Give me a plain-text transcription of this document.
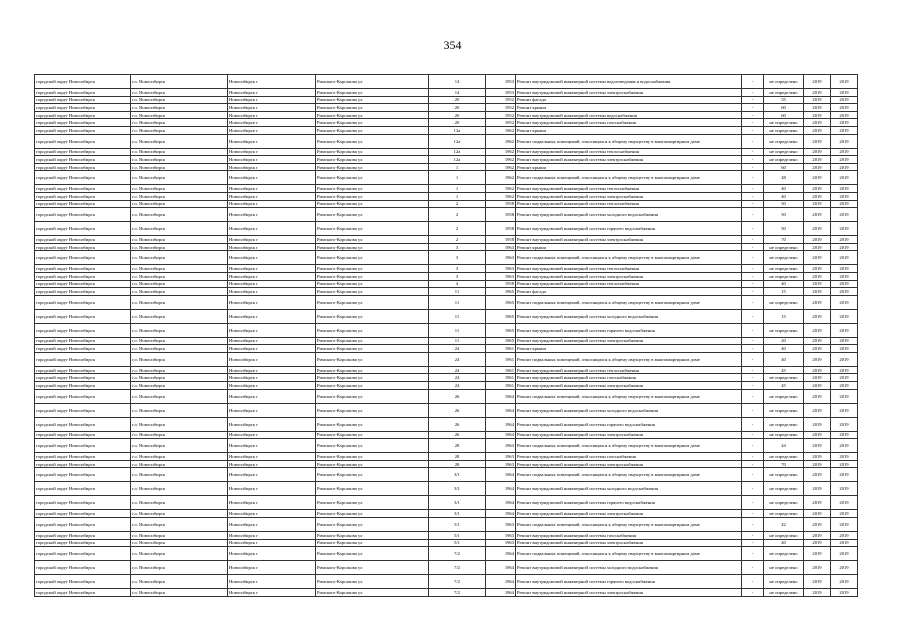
354
городской округ Новосибирск	г.о. Новосибирск	Новосибирск г	Римского-Корсакова ул	14	1953	Ремонт внутридомовой инженерной системы водоотведения и водоснабжения	-	не определено	2019	2019
городской округ Новосибирск	г.о. Новосибирск	Новосибирск г	Римского-Корсакова ул	14	1953	Ремонт внутридомовой инженерной системы электроснабжения	-	не определено	2019	2019
городской округ Новосибирск	г.о. Новосибирск	Новосибирск г	Римского-Корсакова ул	20	1952	Ремонт фасада	-	55	2019	2019
городской округ Новосибирск	г.о. Новосибирск	Новосибирск г	Римского-Корсакова ул	20	1952	Ремонт крыши	-	60	2019	2019
городской округ Новосибирск	г.о. Новосибирск	Новосибирск г	Римского-Корсакова ул	20	1952	Ремонт внутридомовой инженерной системы водоснабжения	-	60	2019	2019
городской округ Новосибирск	г.о. Новосибирск	Новосибирск г	Римского-Корсакова ул	20	1952	Ремонт внутридомовой инженерной системы газоснабжения	-	не определено	2019	2019
городской округ Новосибирск	г.о. Новосибирск	Новосибирск г	Римского-Корсакова ул	12а	1962	Ремонт крыши	-	не определено	2019	2019
городской округ Новосибирск	г.о. Новосибирск	Новосибирск г	Римского-Корсакова ул	12а	1962	Ремонт подвальных помещений, относящихся к общему имуществу в многоквартирном доме	-	не определено	2019	2019
городской округ Новосибирск	г.о. Новосибирск	Новосибирск г	Римского-Корсакова ул	12а	1962	Ремонт внутридомовой инженерной системы теплоснабжения	-	не определено	2019	2019
городской округ Новосибирск	г.о. Новосибирск	Новосибирск г	Римского-Корсакова ул	12а	1962	Ремонт внутридомовой инженерной системы электроснабжения	-	не определено	2019	2019
городской округ Новосибирск	г.о. Новосибирск	Новосибирск г	Римского-Корсакова ул	1	1962	Ремонт крыши	-	60	2019	2019
городской округ Новосибирск	г.о. Новосибирск	Новосибирск г	Римского-Корсакова ул	1	1962	Ремонт подвальных помещений, относящихся к общему имуществу в многоквартирном доме	-	48	2019	2019
городской округ Новосибирск	г.о. Новосибирск	Новосибирск г	Римского-Корсакова ул	1	1962	Ремонт внутридомовой инженерной системы теплоснабжения	-	40	2019	2019
городской округ Новосибирск	г.о. Новосибирск	Новосибирск г	Римского-Корсакова ул	1	1962	Ремонт внутридомовой инженерной системы электроснабжения	-	40	2019	2019
городской округ Новосибирск	г.о. Новосибирск	Новосибирск г	Римского-Корсакова ул	2	1958	Ремонт внутридомовой инженерной системы теплоснабжения	-	50	2019	2019
городской округ Новосибирск	г.о. Новосибирск	Новосибирск г	Римского-Корсакова ул	2	1958	Ремонт внутридомовой инженерной системы холодного водоснабжения	-	50	2019	2019
городской округ Новосибирск	г.о. Новосибирск	Новосибирск г	Римского-Корсакова ул	2	1958	Ремонт внутридомовой инженерной системы горячего водоснабжения	-	50	2019	2019
городской округ Новосибирск	г.о. Новосибирск	Новосибирск г	Римского-Корсакова ул	2	1958	Ремонт внутридомовой инженерной системы электроснабжения	-	70	2019	2019
городской округ Новосибирск	г.о. Новосибирск	Новосибирск г	Римского-Корсакова ул	3	1963	Ремонт крыши	-	не определено	2019	2019
городской округ Новосибирск	г.о. Новосибирск	Новосибирск г	Римского-Корсакова ул	3	1963	Ремонт подвальных помещений, относящихся к общему имуществу в многоквартирном доме	-	не определено	2019	2019
городской округ Новосибирск	г.о. Новосибирск	Новосибирск г	Римского-Корсакова ул	3	1963	Ремонт внутридомовой инженерной системы теплоснабжения	-	не определено	2019	2019
городской округ Новосибирск	г.о. Новосибирск	Новосибирск г	Римского-Корсакова ул	3	1963	Ремонт внутридомовой инженерной системы электроснабжения	-	не определено	2019	2019
городской округ Новосибирск	г.о. Новосибирск	Новосибирск г	Римского-Корсакова ул	4	1958	Ремонт внутридомовой инженерной системы теплоснабжения	-	40	2019	2019
городской округ Новосибирск	г.о. Новосибирск	Новосибирск г	Римского-Корсакова ул	11	1965	Ремонт фасада	-	15	2019	2019
городской округ Новосибирск	г.о. Новосибирск	Новосибирск г	Римского-Корсакова ул	11	1965	Ремонт подвальных помещений, относящихся к общему имуществу в многоквартирном доме	-	не определено	2019	2019
городской округ Новосибирск	г.о. Новосибирск	Новосибирск г	Римского-Корсакова ул	11	1965	Ремонт внутридомовой инженерной системы холодного водоснабжения	-	15	2019	2019
городской округ Новосибирск	г.о. Новосибирск	Новосибирск г	Римского-Корсакова ул	11	1965	Ремонт внутридомовой инженерной системы горячего водоснабжения	-	не определено	2019	2019
городской округ Новосибирск	г.о. Новосибирск	Новосибирск г	Римского-Корсакова ул	11	1965	Ремонт внутридомовой инженерной системы электроснабжения	-	20	2019	2019
городской округ Новосибирск	г.о. Новосибирск	Новосибирск г	Римского-Корсакова ул	24	1961	Ремонт крыши	-	40	2019	2019
городской округ Новосибирск	г.о. Новосибирск	Новосибирск г	Римского-Корсакова ул	24	1961	Ремонт подвальных помещений, относящихся к общему имуществу в многоквартирном доме	-	40	2019	2019
городской округ Новосибирск	г.о. Новосибирск	Новосибирск г	Римского-Корсакова ул	24	1961	Ремонт внутридомовой инженерной системы теплоснабжения	-	45	2019	2019
городской округ Новосибирск	г.о. Новосибирск	Новосибирск г	Римского-Корсакова ул	24	1961	Ремонт внутридомовой инженерной системы газоснабжения	-	не определено	2019	2019
городской округ Новосибирск	г.о. Новосибирск	Новосибирск г	Римского-Корсакова ул	24	1961	Ремонт внутридомовой инженерной системы электроснабжения	-	45	2019	2019
городской округ Новосибирск	г.о. Новосибирск	Новосибирск г	Римского-Корсакова ул	26	1964	Ремонт подвальных помещений, относящихся к общему имуществу в многоквартирном доме	-	не определено	2019	2019
городской округ Новосибирск	г.о. Новосибирск	Новосибирск г	Римского-Корсакова ул	26	1964	Ремонт внутридомовой инженерной системы холодного водоснабжения	-	не определено	2019	2019
городской округ Новосибирск	г.о. Новосибирск	Новосибирск г	Римского-Корсакова ул	26	1964	Ремонт внутридомовой инженерной системы горячего водоснабжения	-	не определено	2019	2019
городской округ Новосибирск	г.о. Новосибирск	Новосибирск г	Римского-Корсакова ул	26	1964	Ремонт внутридомовой инженерной системы электроснабжения	-	не определено	2019	2019
городской округ Новосибирск	г.о. Новосибирск	Новосибирск г	Римского-Корсакова ул	28	1963	Ремонт подвальных помещений, относящихся к общему имуществу в многоквартирном доме	-	44	2019	2019
городской округ Новосибирск	г.о. Новосибирск	Новосибирск г	Римского-Корсакова ул	28	1963	Ремонт внутридомовой инженерной системы газоснабжения	-	не определено	2019	2019
городской округ Новосибирск	г.о. Новосибирск	Новосибирск г	Римского-Корсакова ул	28	1963	Ремонт внутридомовой инженерной системы электроснабжения	-	70	2019	2019
городской округ Новосибирск	г.о. Новосибирск	Новосибирск г	Римского-Корсакова ул	3/1	1964	Ремонт подвальных помещений, относящихся к общему имуществу в многоквартирном доме	-	не определено	2019	2019
городской округ Новосибирск	г.о. Новосибирск	Новосибирск г	Римского-Корсакова ул	3/1	1964	Ремонт внутридомовой инженерной системы холодного водоснабжения	-	не определено	2019	2019
городской округ Новосибирск	г.о. Новосибирск	Новосибирск г	Римского-Корсакова ул	3/1	1964	Ремонт внутридомовой инженерной системы горячего водоснабжения	-	не определено	2019	2019
городской округ Новосибирск	г.о. Новосибирск	Новосибирск г	Римского-Корсакова ул	3/1	1964	Ремонт внутридомовой инженерной системы электроснабжения	-	не определено	2019	2019
городской округ Новосибирск	г.о. Новосибирск	Новосибирск г	Римского-Корсакова ул	5/1	1963	Ремонт подвальных помещений, относящихся к общему имуществу в многоквартирном доме	-	42	2019	2019
городской округ Новосибирск	г.о. Новосибирск	Новосибирск г	Римского-Корсакова ул	5/1	1963	Ремонт внутридомовой инженерной системы газоснабжения	-	не определено	2019	2019
городской округ Новосибирск	г.о. Новосибирск	Новосибирск г	Римского-Корсакова ул	5/1	1963	Ремонт внутридомовой инженерной системы электроснабжения	-	40	2019	2019
городской округ Новосибирск	г.о. Новосибирск	Новосибирск г	Римского-Корсакова ул	7/2	1964	Ремонт подвальных помещений, относящихся к общему имуществу в многоквартирном доме	-	не определено	2019	2019
городской округ Новосибирск	г.о. Новосибирск	Новосибирск г	Римского-Корсакова ул	7/2	1964	Ремонт внутридомовой инженерной системы холодного водоснабжения	-	не определено	2019	2019
городской округ Новосибирск	г.о. Новосибирск	Новосибирск г	Римского-Корсакова ул	7/2	1964	Ремонт внутридомовой инженерной системы горячего водоснабжения	-	не определено	2019	2019
городской округ Новосибирск	г.о. Новосибирск	Новосибирск г	Римского-Корсакова ул	7/2	1964	Ремонт внутридомовой инженерной системы электроснабжения	-	не определено	2019	2019
